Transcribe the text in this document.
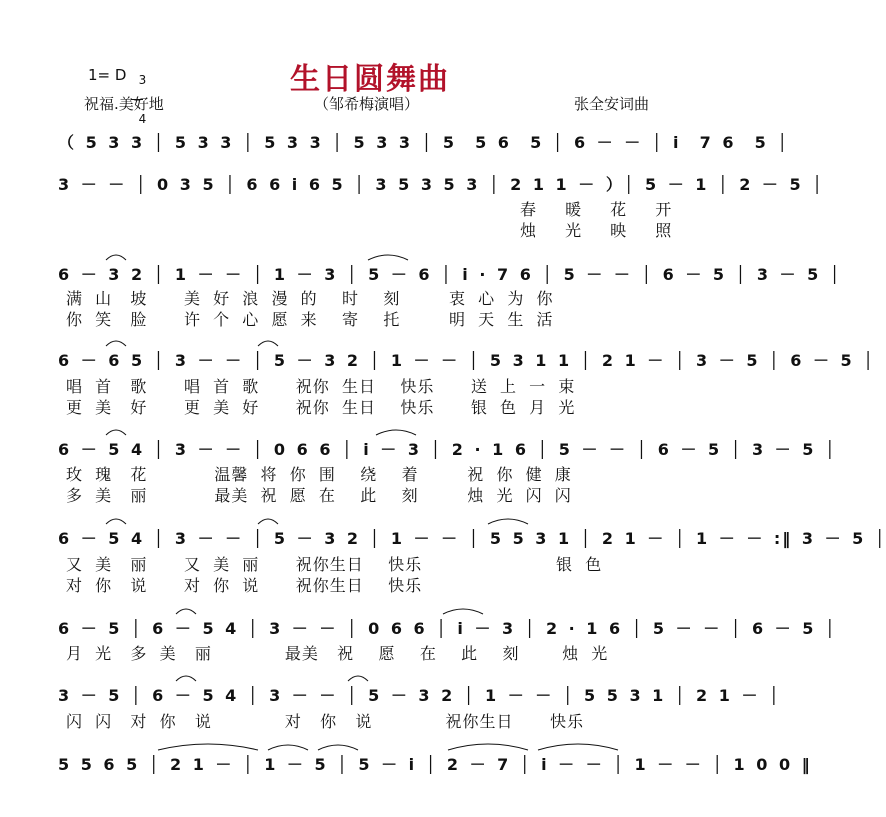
生日圆舞曲
1= D	3

4

祝福.美好地	（邹希梅演唱）	张全安词曲

（ 5 3 3 │ 5 3 3 │ 5 3 3 │ 5 3 3 │ 5  5 6  5 │ 6 － － │ i  7 6  5 │

3 － － │ 0 3 5 │ 6 6 i 6 5 │ 3 5 3 5 3 │ 2 1 1 － ）│ 5 － 1 │ 2 － 5 │

春 暖 花 开
烛 光 映 照

6 － 3 2 │ 1 － － │ 1 － 3 │ 5 － 6 │ i · 7 6 │ 5 － － │ 6 － 5 │ 3 － 5 │

满  山   坡      美  好  浪  漫  的    时    刻        衷  心  为  你
你  笑   脸      许  个  心  愿  来    寄    托        明  天  生  活

6 － 6 5 │ 3 － － │ 5 － 3 2 │ 1 － － │ 5 3 1 1 │ 2 1 － │ 3 － 5 │ 6 － 5 │

唱  首   歌      唱  首  歌      祝你  生日    快乐      送  上  一  束
更  美   好      更  美  好      祝你  生日    快乐      银  色  月  光

6 － 5 4 │ 3 － － │ 0 6 6 │ i － 3 │ 2 · 1 6 │ 5 － － │ 6 － 5 │ 3 － 5 │

玫  瑰   花           温馨  将  你  围    绕    着        祝  你  健  康
多  美   丽           最美  祝  愿  在    此    刻        烛  光  闪  闪

6 － 5 4 │ 3 － － │ 5 － 3 2 │ 1 － － │ 5 5 3 1 │ 2 1 － │ 1 － － :‖ 3 － 5 │

又  美   丽      又  美  丽      祝你生日    快乐                      银  色
对  你   说      对  你  说      祝你生日    快乐

6 － 5 │ 6 － 5 4 │ 3 － － │ 0 6 6 │ i － 3 │ 2 · 1 6 │ 5 － － │ 6 － 5 │

月  光   多  美   丽            最美   祝    愿    在    此    刻       烛  光

3 － 5 │ 6 － 5 4 │ 3 － － │ 5 － 3 2 │ 1 － － │ 5 5 3 1 │ 2 1 － │

闪  闪   对  你   说            对   你   说            祝你生日      快乐

5 5 6 5 │ 2 1 － │ 1 － 5 │ 5 － i │ 2 － 7 │ i － － │ 1 － － │ 1 0 0 ‖
